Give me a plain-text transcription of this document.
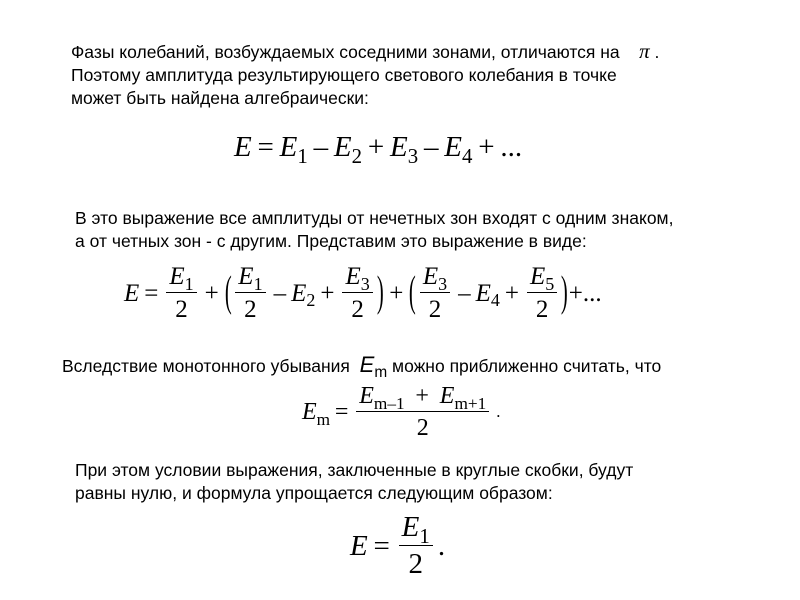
Фазы колебаний, возбуждаемых соседними зонами, отличаются на π .
Поэтому амплитуда результирующего светового колебания в точке
может быть найдена алгебраически:
$E = E_1 - E_2 + E_3 - E_4$ + ...
В это выражение все амплитуды от нечетных зон входят с одним знаком,
а от четных зон - с другим. Представим это выражение в виде:
$E = \frac{E_1}{2}$ + ( $\frac{E_1}{2} - E_2 + \frac{E_3}{2}$ ) + ( $\frac{E_3}{2} - E_4 + \frac{E_5}{2}$ ) +...
Вследствие монотонного убывания $E_m$ можно приближенно считать, что
$E_m = \frac{E_{m-1} + E_{m+1}}{2}$ .
При этом условии выражения, заключенные в круглые скобки, будут
равны нулю, и формула упрощается следующим образом:
$E = \frac{E_1}{2}$ .
